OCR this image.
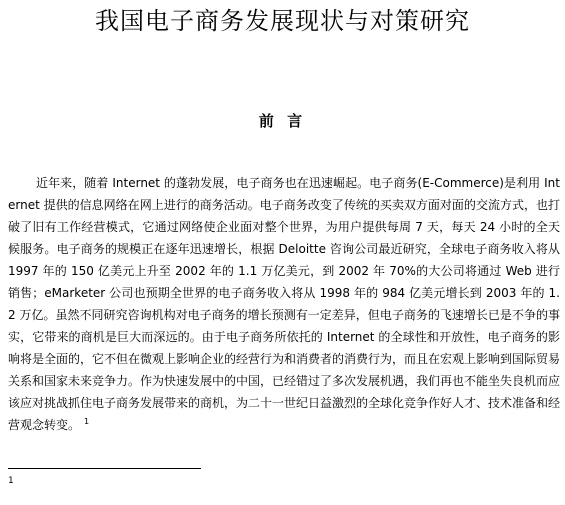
我国电子商务发展现状与对策研究
前 言

近年来，随着 Internet 的蓬勃发展，电子商务也在迅速崛起。电子商务(E-Commerce)是利用 Internet 提供的信息网络在网上进行的商务活动。电子商务改变了传统的买卖双方面对面的交流方式，也打破了旧有工作经营模式，它通过网络使企业面对整个世界，为用户提供每周 7 天，每天 24 小时的全天候服务。电子商务的规模正在逐年迅速增长，根据 Deloitte 咨询公司最近研究，全球电子商务收入将从 1997 年的 150 亿美元上升至 2002 年的 1.1 万亿美元，到 2002 年 70%的大公司将通过 Web 进行销售；eMarketer 公司也预期全世界的电子商务收入将从 1998 年的 984 亿美元增长到 2003 年的 1.2 万亿。虽然不同研究咨询机构对电子商务的增长预测有一定差异，但电子商务的飞速增长已是不争的事实，它带来的商机是巨大而深远的。由于电子商务所依托的 Internet 的全球性和开放性，电子商务的影响将是全面的，它不但在微观上影响企业的经营行为和消费者的消费行为，而且在宏观上影响到国际贸易关系和国家未来竞争力。作为快速发展中的中国，已经错过了多次发展机遇，我们再也不能坐失良机而应该应对挑战抓住电子商务发展带来的商机，为二十一世纪日益激烈的全球化竞争作好人才、技术准备和经营观念转变。 $^1$

1
